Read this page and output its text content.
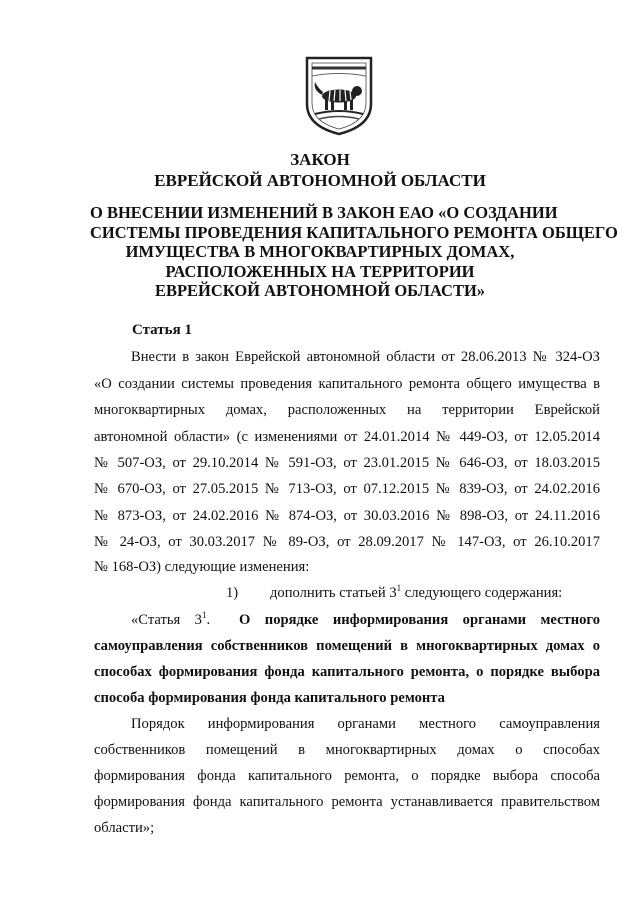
ЗАКОН
ЕВРЕЙСКОЙ АВТОНОМНОЙ ОБЛАСТИ
О ВНЕСЕНИИ ИЗМЕНЕНИЙ В ЗАКОН ЕАО «О СОЗДАНИИ
СИСТЕМЫ ПРОВЕДЕНИЯ КАПИТАЛЬНОГО РЕМОНТА ОБЩЕГО
ИМУЩЕСТВА В МНОГОКВАРТИРНЫХ ДОМАХ,
РАСПОЛОЖЕННЫХ НА ТЕРРИТОРИИ
ЕВРЕЙСКОЙ АВТОНОМНОЙ ОБЛАСТИ»
Статья 1
Внести в закон Еврейской автономной области от 28.06.2013 № 324-ОЗ
«О создании системы проведения капитального ремонта общего имущества в
многоквартирных домах, расположенных на территории Еврейской
автономной области» (с изменениями от 24.01.2014 № 449-ОЗ, от 12.05.2014
№ 507-ОЗ, от 29.10.2014 № 591-ОЗ, от 23.01.2015 № 646-ОЗ, от 18.03.2015
№ 670-ОЗ, от 27.05.2015 № 713-ОЗ, от 07.12.2015 № 839-ОЗ, от 24.02.2016
№ 873-ОЗ, от 24.02.2016 № 874-ОЗ, от 30.03.2016 № 898-ОЗ, от 24.11.2016
№ 24-ОЗ, от 30.03.2017 № 89-ОЗ, от 28.09.2017 № 147-ОЗ, от 26.10.2017
№ 168-ОЗ) следующие изменения:
1) дополнить статьей $3^1$ следующего содержания:
«Статья $3^1$. О порядке информирования органами местного
самоуправления собственников помещений в многоквартирных домах о
способах формирования фонда капитального ремонта, о порядке выбора
способа формирования фонда капитального ремонта
Порядок информирования органами местного самоуправления
собственников помещений в многоквартирных домах о способах
формирования фонда капитального ремонта, о порядке выбора способа
формирования фонда капитального ремонта устанавливается правительством
области»;
